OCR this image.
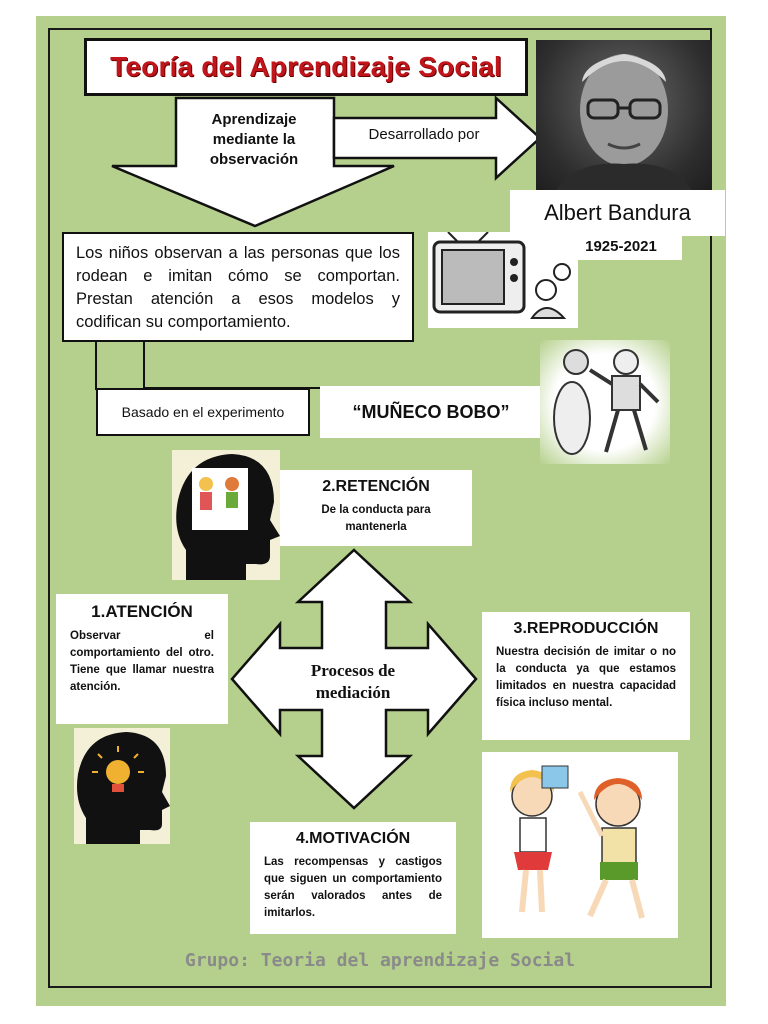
Teoría del Aprendizaje Social
Aprendizaje mediante la observación
Desarrollado por
Albert Bandura
1925-2021
Los niños observan a las personas que los rodean e imitan cómo se comportan. Prestan atención a esos modelos y codifican su comportamiento.
Basado en el experimento	“MUÑECO BOBO”
2.RETENCIÓN
De la conducta para mantenerla
Procesos de mediación
1.ATENCIÓN
Observar el comportamiento del otro. Tiene que llamar nuestra atención.
3.REPRODUCCIÓN
Nuestra decisión de imitar o no la conducta ya que estamos limitados en nuestra capacidad física incluso mental.
4.MOTIVACIÓN
Las recompensas y castigos que siguen un comportamiento serán valorados antes de imitarlos.
Grupo: Teoria del aprendizaje Social
